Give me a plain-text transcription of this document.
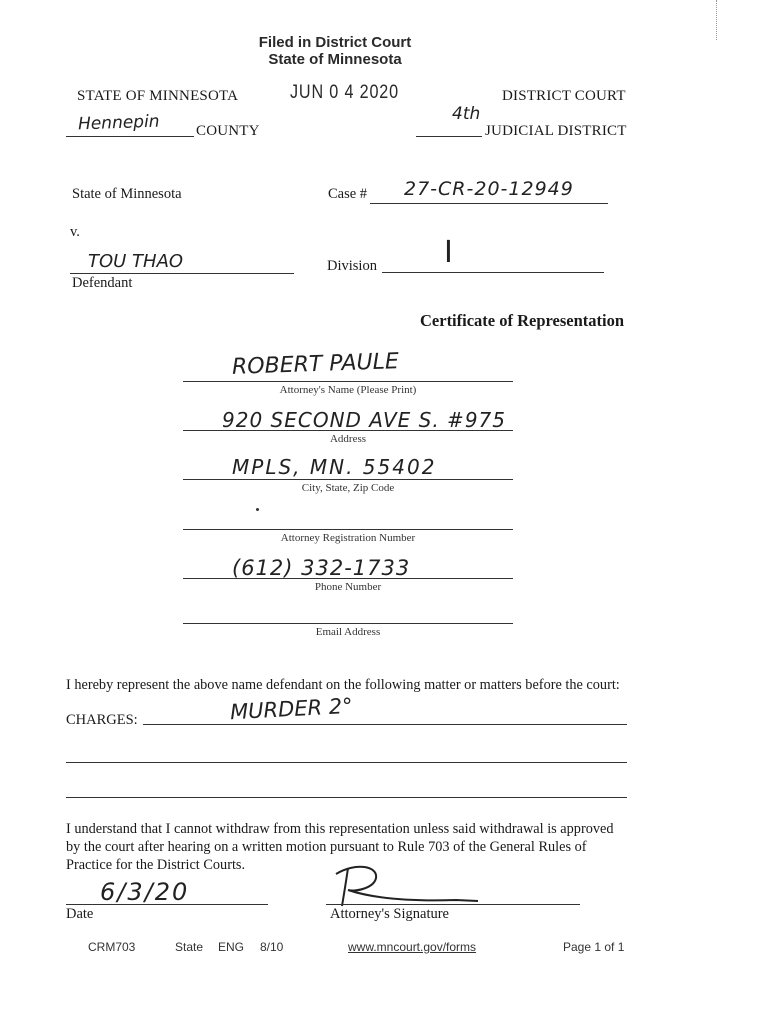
Filed in District Court
State of Minnesota
JUN 0 4 2020
STATE OF MINNESOTA	DISTRICT COURT
Hennepin COUNTY
4th
JUDICIAL DISTRICT
State of Minnesota	Case # 27-CR-20-12949
v.
TOU THAO
Defendant
Division I
Certificate of Representation
ROBERT PAULE
Attorney's Name (Please Print)
920 SECOND AVE S. #975
Address
MPLS, MN. 55402
City, State, Zip Code
Attorney Registration Number
(612) 332-1733
Phone Number
Email Address
I hereby represent the above name defendant on the following matter or matters before the court:
CHARGES:	MURDER 2°
I understand that I cannot withdraw from this representation unless said withdrawal is approved by the court after hearing on a written motion pursuant to Rule 703 of the General Rules of Practice for the District Courts.
6/3/20
Date	Attorney's Signature
CRM703	State ENG 8/10	www.mncourt.gov/forms	Page 1 of 1
